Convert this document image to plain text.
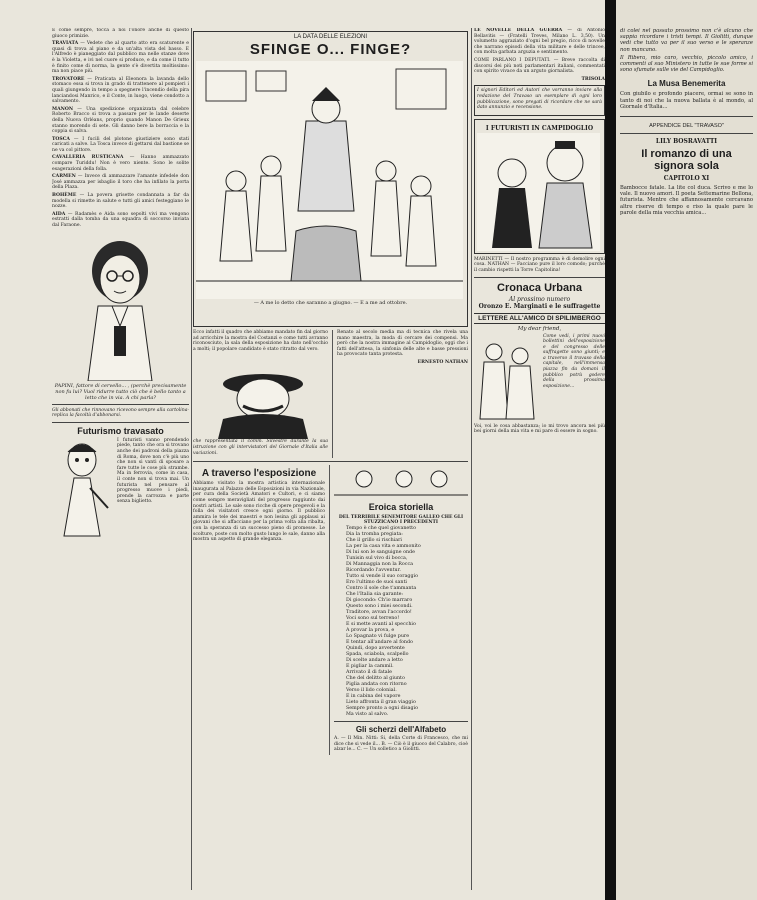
E come sempre, tocca a noi l'onore anche di questo giuoco primizie.

TRAVIATA — Vedete che al quarto atto era scaturente e quasi di trova al piano e da un'alta vista del basso. E l'Alfredo è pianeggiato dal pubblico ma nelle stanze dove è la Violetta, e ivi nel cuore si produce, e da come il tutto è finito come di norma, la gente s'è divertita moltissimo: ma non piace più.

TROVATORE — Praticata al Eleonora la lavanda dello stomaco essa si trova in grado di trattenere al pompieri i quali giungendo in tempo a spegnere l'incendio della pira lanciandosi Manrico, e il Conte, in luogo, viene condotto a salvamento.

MANON — Una spedizione organizzata dal celebre Roberto Bracco si trova a passare per le lande deserte della Nuova Orléans, proprio quando Manon De Grieux stanno morendo di sete. Gli danno bere la borraccia e la coppia si salva.

TOSCA — I fucili del plotone giustiziere sono stati caricati a salve. La Tosca invece di gettarsi dal bastione se ne va col pittore.

CAVALLERIA RUSTICANA — Hanno ammazzato compare Turiddu! Non è vero niente. Sono le solite esagerazioni della folla.

CARMEN — Invece di ammazzare l'amante infedele don José ammazza per isbaglio il toro che ha infilato la porta della Plaza.

BOHÈME — La povera grisette condannata a far da modella si rimette in salute e tutti gli amici festeggiano le nozze.

AIDA — Radamès e Aida sono sepolti vivi ma vengono estratti dalla tomba da una squadra di soccorso inviata dal Faraone.

PAPINI, fattore di cervello... , (perchè precisamente non fu lui? Vuol ridurre tutto ciò che è bello tanto a letto che in via. A chi parla?

Gli abbonati che rinnovano ricevono sempre alla cartolina-replica la facoltà d'abbonarsi.

Futurismo travasato

I futuristi vanno prendendo piede, tanto che ora si trovano anche dei padroni della piazza di Roma, dove non c'è più uno che non si vanti di sposare a fare tutte le cose più strambe. Ma in ferrovia, come in casa, il conte non si trova mai. Un futurista nel pensare al progresso muove i piedi, prende la carrozza e parte senza biglietto.

LA DATA DELLE ELEZIONI
SFINGE O... FINGE?
— A me lo detto che saranno a giugno. — E a me ad ottobre.

Ecco infatti il quadro che abbiamo mandato fin dal giorno ad arricchire la mostra del Costanzi e come tutti avranno riconosciuto, la sala della esposizione ha dato nell'occhio a molti; il popolare candidato è stato ritratto dal vero.

che rappresentata il comm. Silvestre durante la sua istruzione con gli intervistatori del Giornale d'Italia alle vaciazioni.

Renato al secolo media ma di tecnica che rivela una mano maestra, la moda di cercare dei compensi. Ma però che la nostra immagine al Campidoglio, oggi che i fatti dell'attesa, la sinfonia delle alte e basse pressioni ha provocato tanta protesta.

ERNESTO NATHAN

A traverso l'esposizione

Abbiamo visitato la mostra artistica internazionale inaugurata al Palazzo delle Esposizioni in via Nazionale, per cura della Società Amatori e Cultori, e ci siamo come sempre meravigliati del progresso raggiunto dai nostri artisti. Le sale sono ricche di opere pregevoli e la folla dei visitatori cresce ogni giorno. Il pubblico ammira le tele dei maestri e non lesina gli applausi ai giovani che si affacciano per la prima volta alla ribalta, con la speranza di un successo pieno di promesse. Le scolture, poste con molto gusto lungo le sale, danno alla mostra un aspetto di grande eleganza.

Eroica storiella
DEL TERRIBILE SENEMITORE GALLEO CHE GLI STUZZICANO I PRECEDENTI

Tempo è che quel giovanetto

Dia la tromba pregiata:

Che il grillo si rischiari

La per la casa vita e ammonito

Di lui son le sanguigne onde

Tunisin sul vivo di bocca,

Di Mannaggia non la Rocca

Ricordando l'avventur.

Tutto si vende il suo coraggio

Ero l'ultimo de suoi santi

Contro il sole che t'ammanta

Che l'Italia sia garante:

Di giocondo: Ch'io marraro

Questo sono i miei secondi.

Traditore, avvan l'accordo!

Voci sono sul terreno!

E si mette avanti al specchio

A provar la prova, e

Lo Spagnato vi fulge pure

E tentar all'andare al fondo

Quindi, dopo avvertente

Spada, sciabola, scalpello

Di scelte andare a letto

E pigliar la cammil.

Arrivato il di fatale

Che del delitto al giunto

Piglia andata con ritorno

Verso il lido colonial.

E in cabina del vapore

Lieto affronta il gran viaggio

Sempre pronto a ogni disagio

Ma visto al salvo.

Gli scherzi dell'Alfabeto

A. — Il Min. Nitti: Si, della Corte di Francesco, che mi dice che si vede il... B. — Ciò è il giuoco del Calabro, cioè alzar le... C. — Un solletico a Giolitti.

LE NOVELLE DELLA GUERRA — di Antonio Bellavitis — (Fratelli Treves, Milano L. 3,50). Un volumetto aggraziato d'ogni bel pregio, ricco di novelle che narrano episodi della vita militare e delle trincee, con molta garbata arguzia e sentimento.

COME PARLANO I DEPUTATI. — Breve raccolta di discorsi dei più noti parlamentari italiani, commentati con spirito vivace da un arguto giornalista.

TRISOLA

I signori Editori ed Autori che vorranno inviare alla redazione del Travaso un esemplare di ogni loro pubblicazione, sono pregati di ricordare che ne sarà dato annunzio e recensione.

I FUTURISTI IN CAMPIDOGLIO

MARINETTI — Il nostro programma è di demolire ogni cosa. NATHAN — Facciano pure il loro comodo; purchè il cambio rispetti la Torre Capitolina!

Cronaca Urbana
Al prossimo numero
Oronzo E. Marginati e le suffragette
LETTERE ALL'AMICO DI SPILIMBERGO
My dear friend,

Come vedi, i primi nuovi bollettini dell'esposizione e del congresso delle suffragette sono giunti; e a traverso il travaso della capitale, nell'immensa piazza fin da domani il pubblico potrà godere della prossima esposizione...

Voi, voi le cosa abbastanza; io mi trovo ancora nei più bei giorni della mia vita e mi pare di essere in sogno.

di colei nel passato prossimo non c'è alcuno che sappia ricordare i tristi tempi. Il Giolitti, dunque vedi che tutto va per il suo verso e le speranze non mancano.

Il Ribera, mio caro, vecchio, piccolo amico, i commenti al suo Ministero in tutte le sue forme si sono sfumate sulle vie del Campidoglio.

La Musa Benemerita

Con giubilo e profondo piacere, ormai se sono in tanto di noi che la nuova ballata è al mondo, al Giornale d'Italia...

APPENDICE DEL "TRAVASO"
LILY BOSRAVATTI
Il romanzo di una signora sola
CAPITOLO XI

Bambocce fatale. La lite col duca. Scrivo e me lo vale. Il nuovo amori. Il poeta Settemarine Bellona, futurista. Mentre che affannosamente cercavano altre riserve di tempo e riso la quale pare le parole della mia vecchia amica...
